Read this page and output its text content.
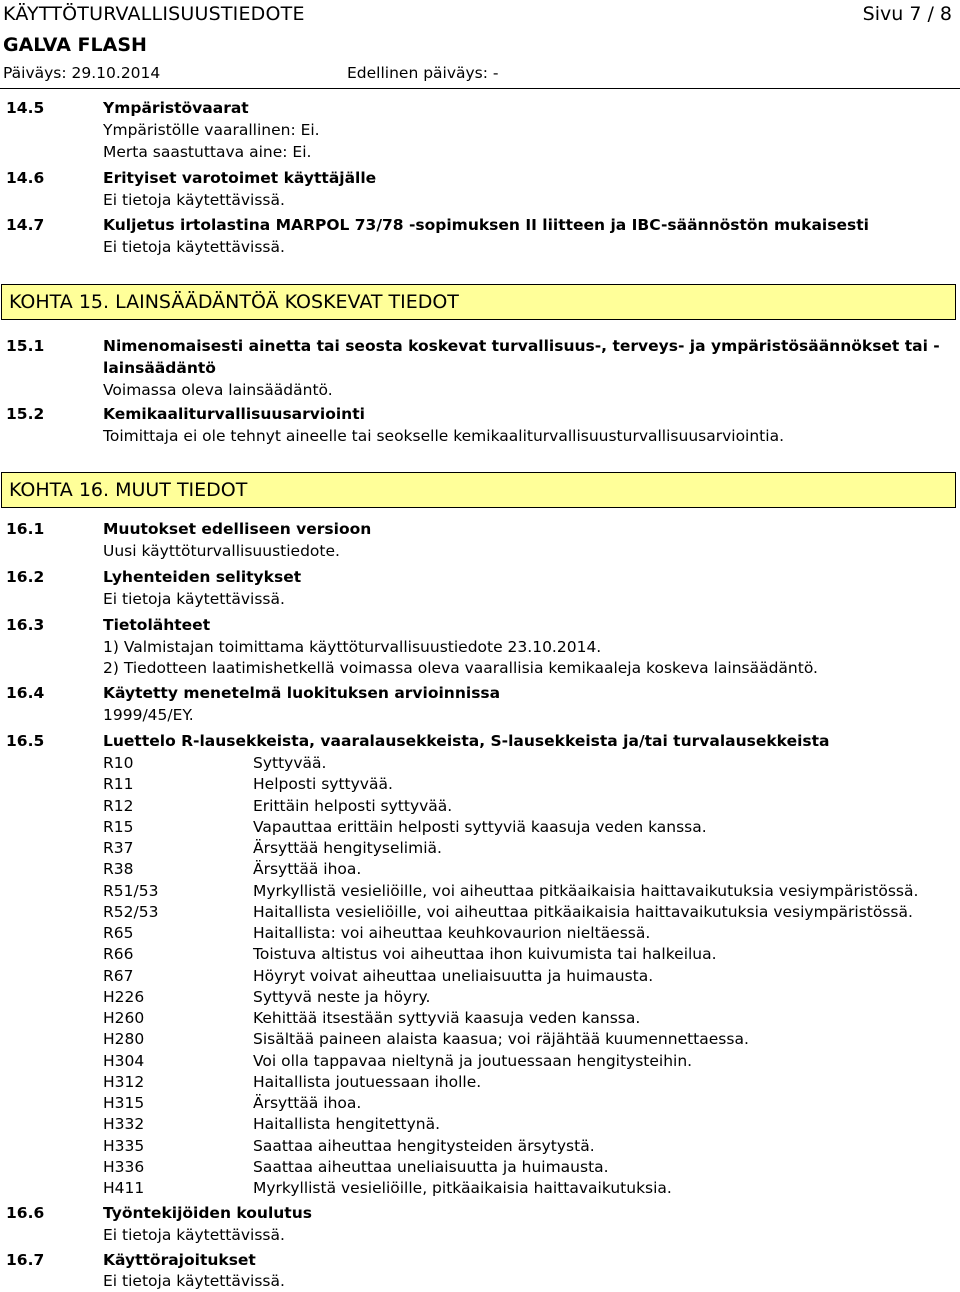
KÄYTTÖTURVALLISUUSTIEDOTE	Sivu 7 / 8
GALVA FLASH
Päiväys: 29.10.2014	Edellinen päiväys: -
14.5	Ympäristövaarat
Ympäristölle vaarallinen: Ei.
Merta saastuttava aine: Ei.
14.6	Erityiset varotoimet käyttäjälle
Ei tietoja käytettävissä.
14.7	Kuljetus irtolastina MARPOL 73/78 -sopimuksen II liitteen ja IBC-säännöstön mukaisesti
Ei tietoja käytettävissä.
KOHTA 15. LAINSÄÄDÄNTÖÄ KOSKEVAT TIEDOT
15.1	Nimenomaisesti ainetta tai seosta koskevat turvallisuus-, terveys- ja ympäristösäännökset tai -
lainsäädäntö
Voimassa oleva lainsäädäntö.
15.2	Kemikaaliturvallisuusarviointi
Toimittaja ei ole tehnyt aineelle tai seokselle kemikaaliturvallisuusturvallisuusarviointia.
KOHTA 16. MUUT TIEDOT
16.1	Muutokset edelliseen versioon
Uusi käyttöturvallisuustiedote.
16.2	Lyhenteiden selitykset
Ei tietoja käytettävissä.
16.3	Tietolähteet
1) Valmistajan toimittama käyttöturvallisuustiedote 23.10.2014.
2) Tiedotteen laatimishetkellä voimassa oleva vaarallisia kemikaaleja koskeva lainsäädäntö.
16.4	Käytetty menetelmä luokituksen arvioinnissa
1999/45/EY.
16.5	Luettelo R-lausekkeista, vaaralausekkeista, S-lausekkeista ja/tai turvalausekkeista
R10	Syttyvää.
R11	Helposti syttyvää.
R12	Erittäin helposti syttyvää.
R15	Vapauttaa erittäin helposti syttyviä kaasuja veden kanssa.
R37	Ärsyttää hengityselimiä.
R38	Ärsyttää ihoa.
R51/53	Myrkyllistä vesieliöille, voi aiheuttaa pitkäaikaisia haittavaikutuksia vesiympäristössä.
R52/53	Haitallista vesieliöille, voi aiheuttaa pitkäaikaisia haittavaikutuksia vesiympäristössä.
R65	Haitallista: voi aiheuttaa keuhkovaurion nieltäessä.
R66	Toistuva altistus voi aiheuttaa ihon kuivumista tai halkeilua.
R67	Höyryt voivat aiheuttaa uneliaisuutta ja huimausta.
H226	Syttyvä neste ja höyry.
H260	Kehittää itsestään syttyviä kaasuja veden kanssa.
H280	Sisältää paineen alaista kaasua; voi räjähtää kuumennettaessa.
H304	Voi olla tappavaa nieltynä ja joutuessaan hengitysteihin.
H312	Haitallista joutuessaan iholle.
H315	Ärsyttää ihoa.
H332	Haitallista hengitettynä.
H335	Saattaa aiheuttaa hengitysteiden ärsytystä.
H336	Saattaa aiheuttaa uneliaisuutta ja huimausta.
H411	Myrkyllistä vesieliöille, pitkäaikaisia haittavaikutuksia.
16.6	Työntekijöiden koulutus
Ei tietoja käytettävissä.
16.7	Käyttörajoitukset
Ei tietoja käytettävissä.
